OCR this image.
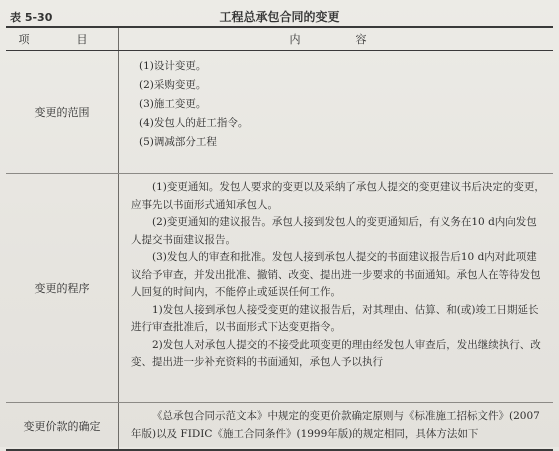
表 5-30	工程总承包合同的变更
项　目	内　容
变更的范围
(1)设计变更。
(2)采购变更。
(3)施工变更。
(4)发包人的赶工指令。
(5)调减部分工程
变更的程序

(1)变更通知。发包人要求的变更以及采纳了承包人提交的变更建议书后决定的变更，应事先以书面形式通知承包人。

(2)变更通知的建议报告。承包人接到发包人的变更通知后，有义务在10 d内向发包人提交书面建议报告。

(3)发包人的审查和批准。发包人接到承包人提交的书面建议报告后10 d内对此项建议给予审查，并发出批准、撤销、改变、提出进一步要求的书面通知。承包人在等待发包人回复的时间内，不能停止或延误任何工作。

1)发包人接到承包人接受变更的建议报告后，对其理由、估算、和(或)竣工日期延长进行审查批准后，以书面形式下达变更指令。

2)发包人对承包人提交的不接受此项变更的理由经发包人审查后，发出继续执行、改变、提出进一步补充资料的书面通知，承包人予以执行

变更价款的确定

《总承包合同示范文本》中规定的变更价款确定原则与《标准施工招标文件》(2007年版)以及 FIDIC《施工合同条件》(1999年版)的规定相同，具体方法如下
